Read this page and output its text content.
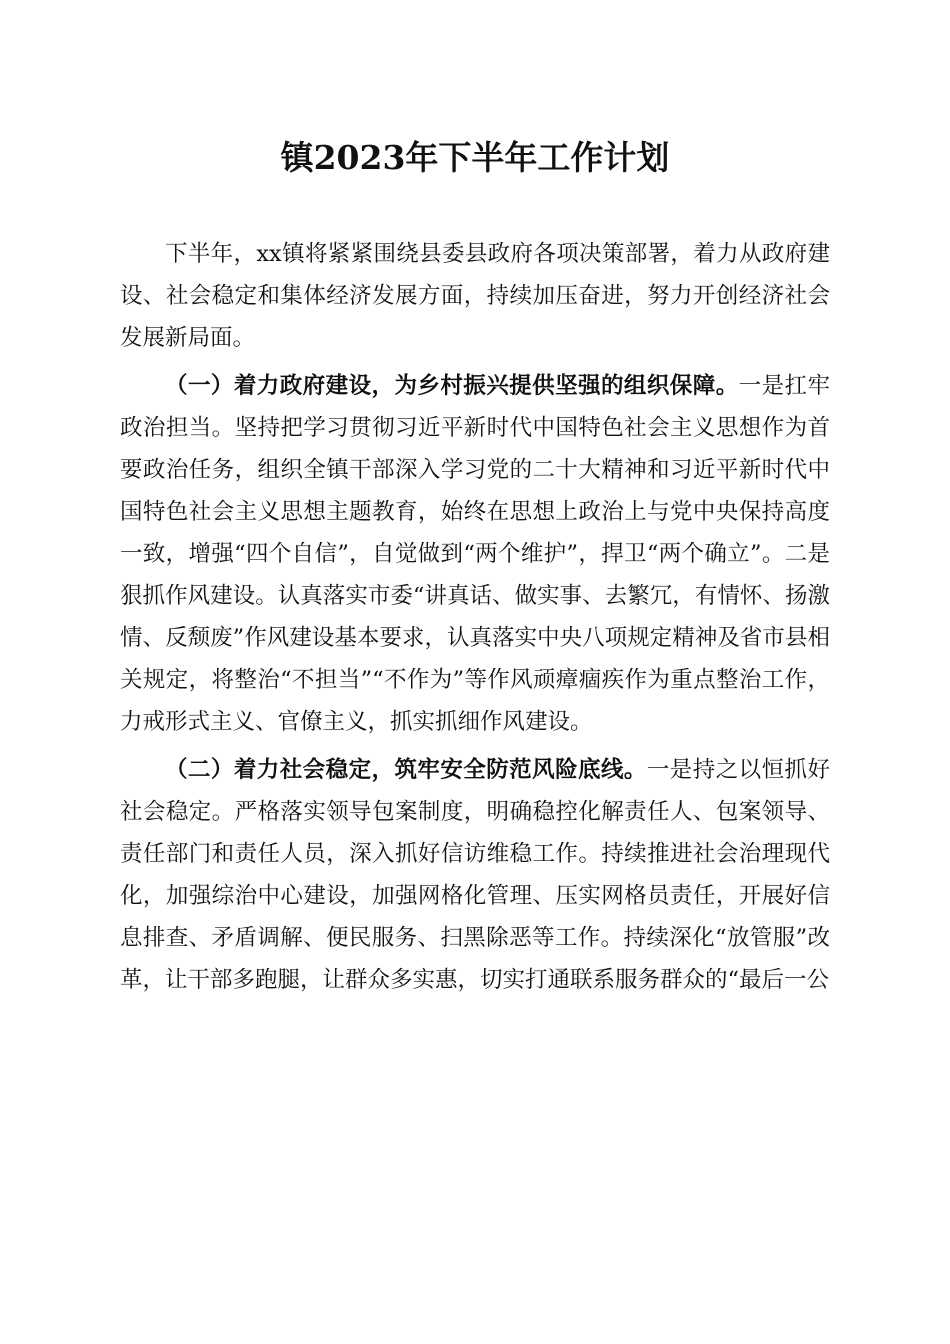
镇2023年下半年工作计划

下半年，xx镇将紧紧围绕县委县政府各项决策部署，着力从政府建设、社会稳定和集体经济发展方面，持续加压奋进，努力开创经济社会发展新局面。

（一）着力政府建设，为乡村振兴提供坚强的组织保障。一是扛牢政治担当。坚持把学习贯彻习近平新时代中国特色社会主义思想作为首要政治任务，组织全镇干部深入学习党的二十大精神和习近平新时代中国特色社会主义思想主题教育，始终在思想上政治上与党中央保持高度一致，增强“四个自信”，自觉做到“两个维护”，捍卫“两个确立”。二是狠抓作风建设。认真落实市委“讲真话、做实事、去繁冗，有情怀、扬激情、反颓废”作风建设基本要求，认真落实中央八项规定精神及省市县相关规定，将整治“不担当”“不作为”等作风顽瘴痼疾作为重点整治工作，力戒形式主义、官僚主义，抓实抓细作风建设。

（二）着力社会稳定，筑牢安全防范风险底线。一是持之以恒抓好社会稳定。严格落实领导包案制度，明确稳控化解责任人、包案领导、责任部门和责任人员，深入抓好信访维稳工作。持续推进社会治理现代化，加强综治中心建设，加强网格化管理、压实网格员责任，开展好信息排查、矛盾调解、便民服务、扫黑除恶等工作。持续深化“放管服”改革，让干部多跑腿，让群众多实惠，切实打通联系服务群众的“最后一公
